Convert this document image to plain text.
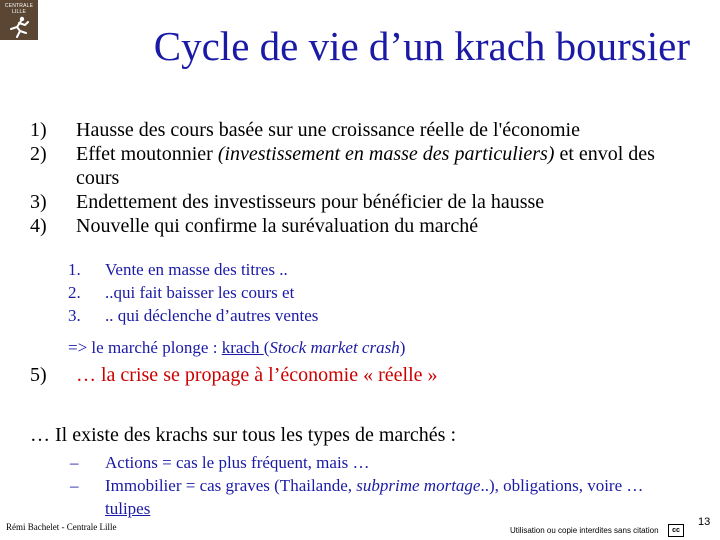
CENTRALE
LILLE
Cycle de vie d’un krach boursier
1)	Hausse des cours basée sur une croissance réelle de l'économie
2)	Effet moutonnier (investissement en masse des particuliers) et envol des cours
3)	Endettement des investisseurs pour bénéficier de la hausse
4)	Nouvelle qui confirme la surévaluation du marché
1.	Vente en masse des titres ..
2.	..qui fait baisser les cours et
3.	.. qui déclenche d’autres ventes
=> le marché plonge : krach (Stock market crash)
5)	… la crise se propage à l’économie « réelle »
… Il existe des krachs sur tous les types de marchés :
–	Actions = cas le plus fréquent, mais …
–	Immobilier = cas graves (Thailande, subprime mortage..), obligations, voire … tulipes
Rémi Bachelet - Centrale Lille	Utilisation ou copie interdites sans citation	cc
13
